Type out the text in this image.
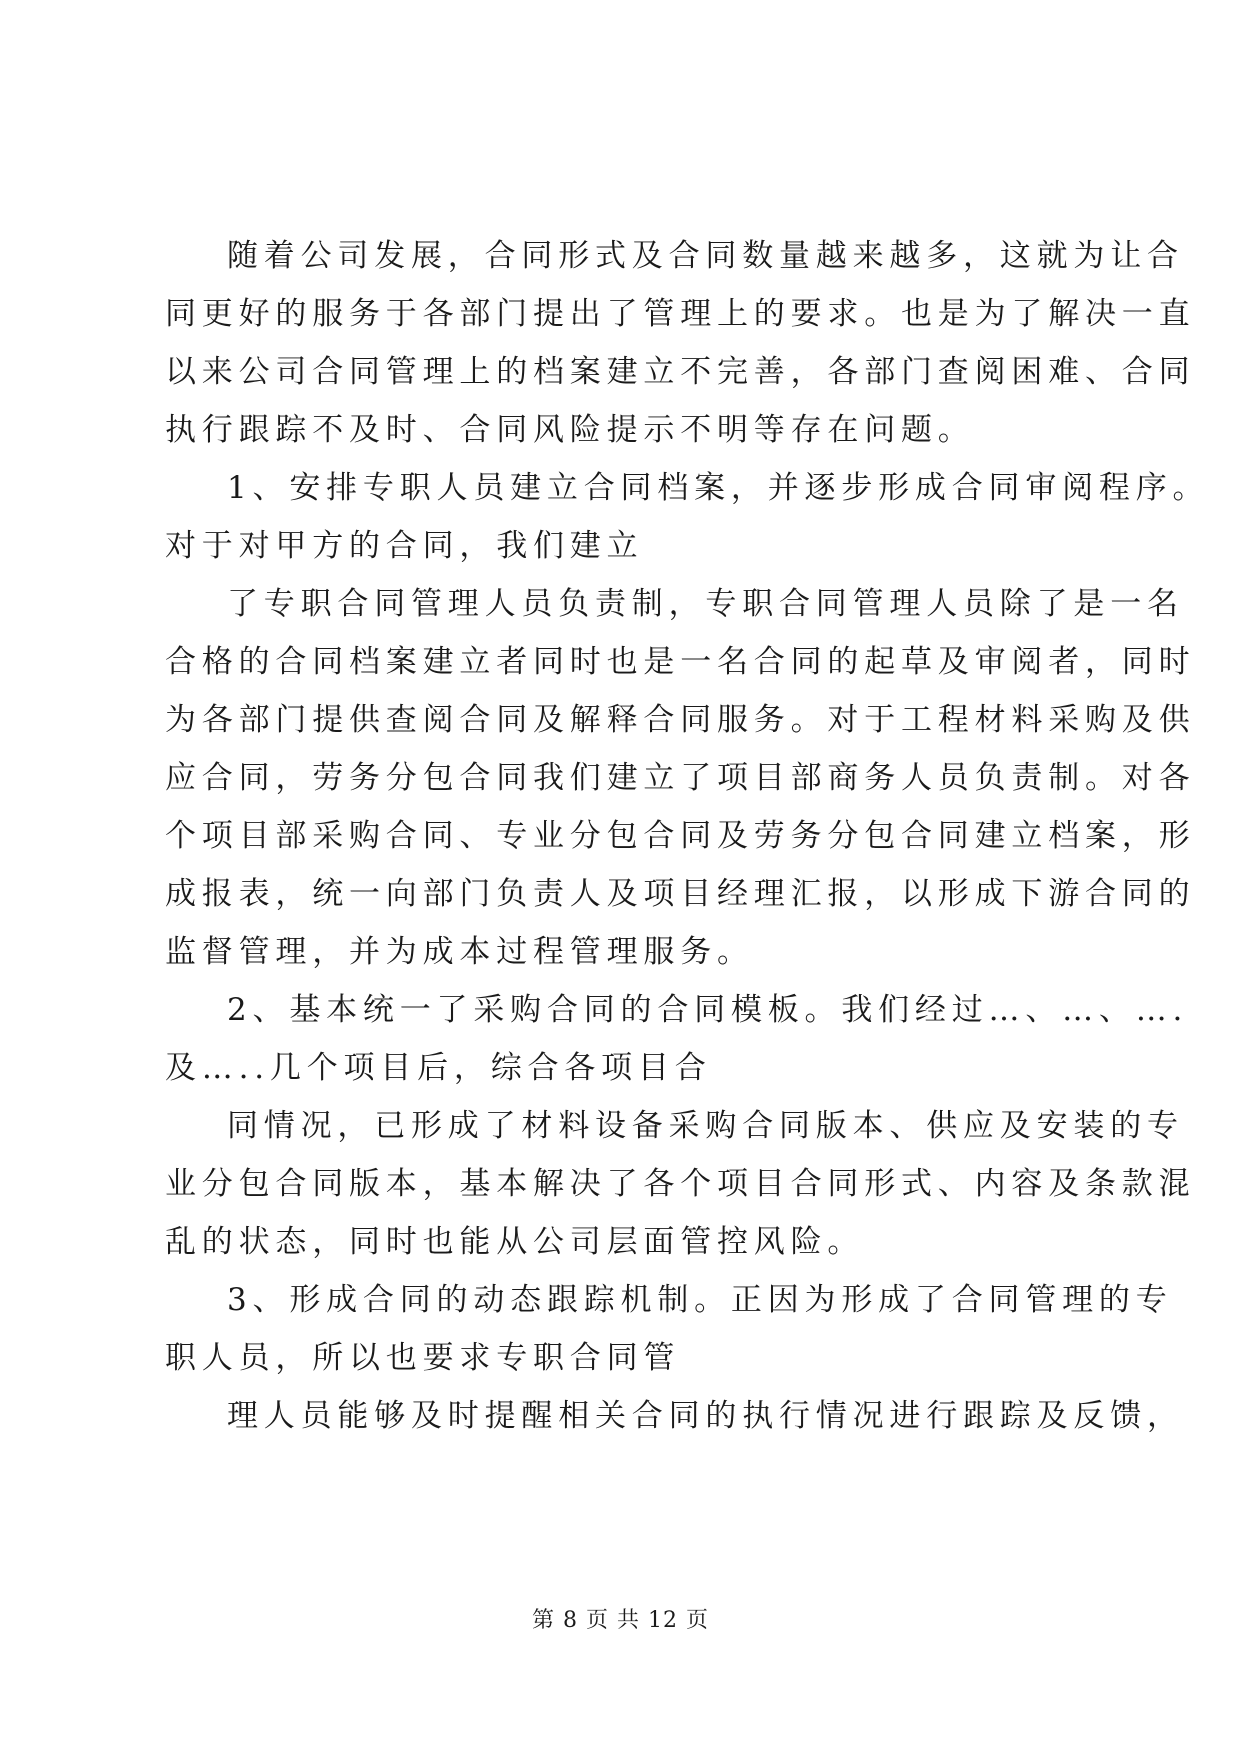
随着公司发展，合同形式及合同数量越来越多，这就为让合
同更好的服务于各部门提出了管理上的要求。也是为了解决一直
以来公司合同管理上的档案建立不完善，各部门查阅困难、合同
执行跟踪不及时、合同风险提示不明等存在问题。
1、安排专职人员建立合同档案，并逐步形成合同审阅程序。
对于对甲方的合同，我们建立
了专职合同管理人员负责制，专职合同管理人员除了是一名
合格的合同档案建立者同时也是一名合同的起草及审阅者，同时
为各部门提供查阅合同及解释合同服务。对于工程材料采购及供
应合同，劳务分包合同我们建立了项目部商务人员负责制。对各
个项目部采购合同、专业分包合同及劳务分包合同建立档案，形
成报表，统一向部门负责人及项目经理汇报，以形成下游合同的
监督管理，并为成本过程管理服务。
2、基本统一了采购合同的合同模板。我们经过…、…、….
及…..几个项目后，综合各项目合
同情况，已形成了材料设备采购合同版本、供应及安装的专
业分包合同版本，基本解决了各个项目合同形式、内容及条款混
乱的状态，同时也能从公司层面管控风险。
3、形成合同的动态跟踪机制。正因为形成了合同管理的专
职人员，所以也要求专职合同管
理人员能够及时提醒相关合同的执行情况进行跟踪及反馈，
第 8 页 共 12 页
